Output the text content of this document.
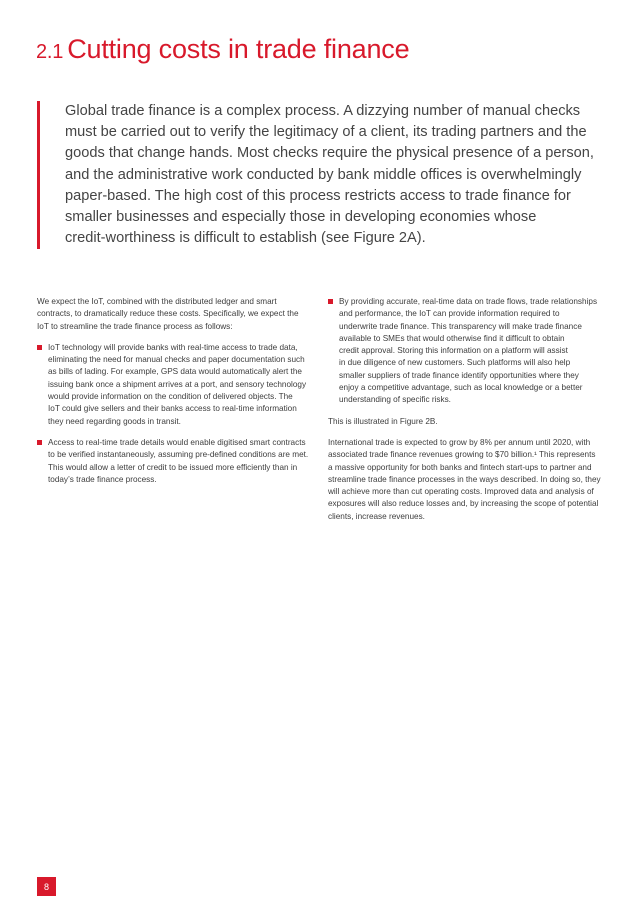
2.1 Cutting costs in trade finance

Global trade finance is a complex process. A dizzying number of manual checks
must be carried out to verify the legitimacy of a client, its trading partners and the
goods that change hands. Most checks require the physical presence of a person,
and the administrative work conducted by bank middle offices is overwhelmingly
paper-based. The high cost of this process restricts access to trade finance for
smaller businesses and especially those in developing economies whose
credit-worthiness is difficult to establish (see Figure 2A).

We expect the IoT, combined with the distributed ledger and smart
contracts, to dramatically reduce these costs. Specifically, we expect the
IoT to streamline the trade finance process as follows:

IoT technology will provide banks with real-time access to trade data,
eliminating the need for manual checks and paper documentation such
as bills of lading. For example, GPS data would automatically alert the
issuing bank once a shipment arrives at a port, and sensory technology
would provide information on the condition of delivered objects. The
IoT could give sellers and their banks access to real-time information
they need regarding goods in transit.
Access to real-time trade details would enable digitised smart contracts
to be verified instantaneously, assuming pre-defined conditions are met.
This would allow a letter of credit to be issued more efficiently than in
today’s trade finance process.
By providing accurate, real-time data on trade flows, trade relationships
and performance, the IoT can provide information required to
underwrite trade finance. This transparency will make trade finance
available to SMEs that would otherwise find it difficult to obtain
credit approval. Storing this information on a platform will assist
in due diligence of new customers. Such platforms will also help
smaller suppliers of trade finance identify opportunities where they
enjoy a competitive advantage, such as local knowledge or a better
understanding of specific risks.

This is illustrated in Figure 2B.

International trade is expected to grow by 8% per annum until 2020, with
associated trade finance revenues growing to $70 billion.¹ This represents
a massive opportunity for both banks and fintech start-ups to partner and
streamline trade finance processes in the ways described. In doing so, they
will achieve more than cut operating costs. Improved data and analysis of
exposures will also reduce losses and, by increasing the scope of potential
clients, increase revenues.

8
